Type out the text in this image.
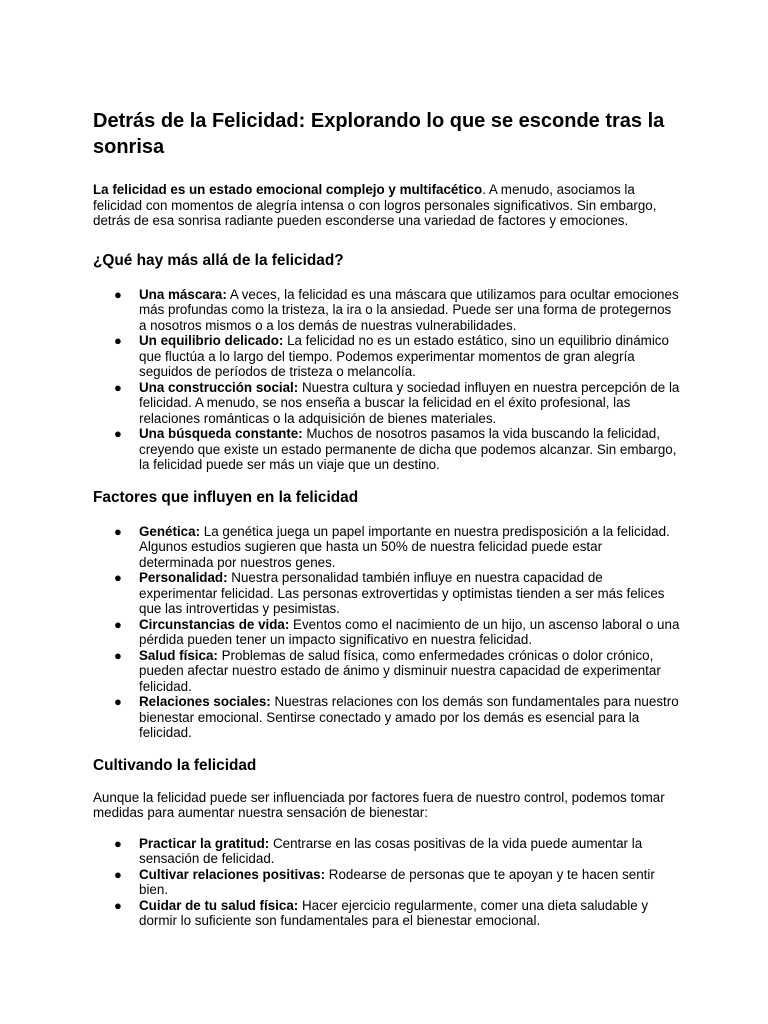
Detrás de la Felicidad: Explorando lo que se esconde tras la sonrisa

La felicidad es un estado emocional complejo y multifacético. A menudo, asociamos la felicidad con momentos de alegría intensa o con logros personales significativos. Sin embargo, detrás de esa sonrisa radiante pueden esconderse una variedad de factores y emociones.

¿Qué hay más allá de la felicidad?
● Una máscara: A veces, la felicidad es una máscara que utilizamos para ocultar emociones más profundas como la tristeza, la ira o la ansiedad. Puede ser una forma de protegernos a nosotros mismos o a los demás de nuestras vulnerabilidades.
● Un equilibrio delicado: La felicidad no es un estado estático, sino un equilibrio dinámico que fluctúa a lo largo del tiempo. Podemos experimentar momentos de gran alegría seguidos de períodos de tristeza o melancolía.
● Una construcción social: Nuestra cultura y sociedad influyen en nuestra percepción de la felicidad. A menudo, se nos enseña a buscar la felicidad en el éxito profesional, las relaciones románticas o la adquisición de bienes materiales.
● Una búsqueda constante: Muchos de nosotros pasamos la vida buscando la felicidad, creyendo que existe un estado permanente de dicha que podemos alcanzar. Sin embargo, la felicidad puede ser más un viaje que un destino.
Factores que influyen en la felicidad
● Genética: La genética juega un papel importante en nuestra predisposición a la felicidad. Algunos estudios sugieren que hasta un 50% de nuestra felicidad puede estar determinada por nuestros genes.
● Personalidad: Nuestra personalidad también influye en nuestra capacidad de experimentar felicidad. Las personas extrovertidas y optimistas tienden a ser más felices que las introvertidas y pesimistas.
● Circunstancias de vida: Eventos como el nacimiento de un hijo, un ascenso laboral o una pérdida pueden tener un impacto significativo en nuestra felicidad.
● Salud física: Problemas de salud física, como enfermedades crónicas o dolor crónico, pueden afectar nuestro estado de ánimo y disminuir nuestra capacidad de experimentar felicidad.
● Relaciones sociales: Nuestras relaciones con los demás son fundamentales para nuestro bienestar emocional. Sentirse conectado y amado por los demás es esencial para la felicidad.
Cultivando la felicidad

Aunque la felicidad puede ser influenciada por factores fuera de nuestro control, podemos tomar medidas para aumentar nuestra sensación de bienestar:

● Practicar la gratitud: Centrarse en las cosas positivas de la vida puede aumentar la sensación de felicidad.
● Cultivar relaciones positivas: Rodearse de personas que te apoyan y te hacen sentir bien.
● Cuidar de tu salud física: Hacer ejercicio regularmente, comer una dieta saludable y dormir lo suficiente son fundamentales para el bienestar emocional.
